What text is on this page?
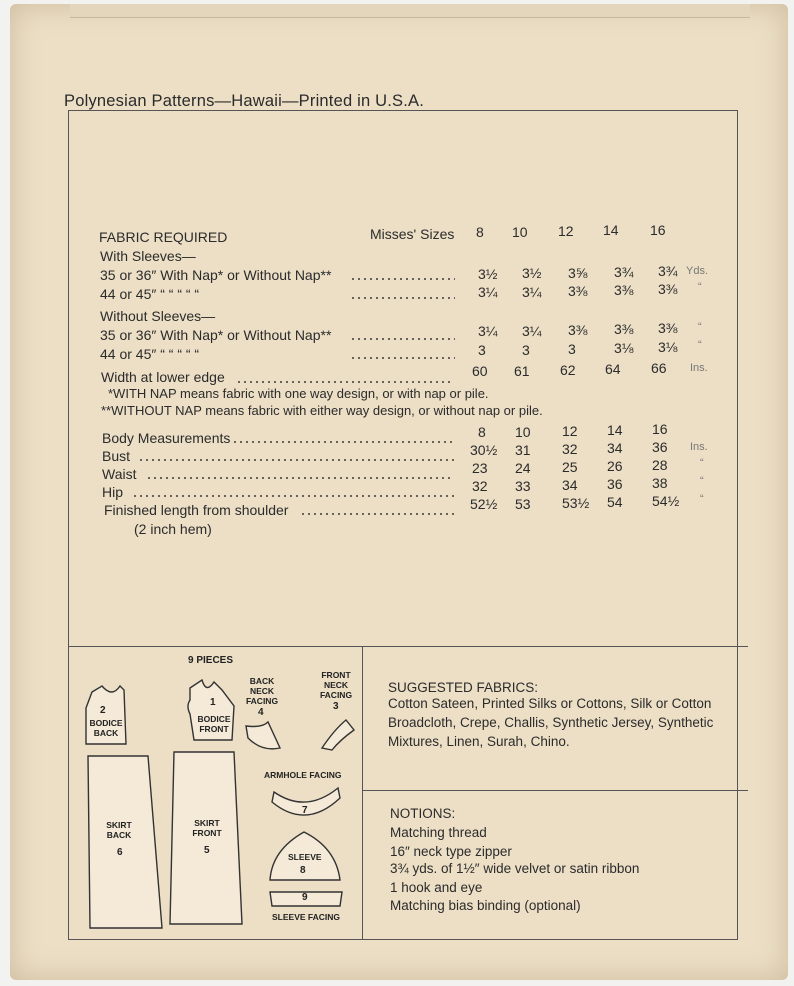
Polynesian Patterns—Hawaii—Printed in U.S.A.
FABRIC REQUIRED	Misses' Sizes 8 10 12 14 16
With Sleeves—
35 or 36″ With Nap* or Without Nap**	3½ 3½ 3⅝ 3¾ 3¾ Yds.
44 or 45″ “ “ “ “ “	3¼ 3¼ 3⅜ 3⅜ 3⅜ “
Without Sleeves—
35 or 36″ With Nap* or Without Nap**	3¼ 3¼ 3⅜ 3⅜ 3⅜ “
44 or 45″ “ “ “ “ “	3	3	3	3⅛ 3⅛ “
Width at lower edge	60 61 62 64 66 Ins.
*WITH NAP means fabric with one way design, or with nap or pile.
**WITHOUT NAP means fabric with either way design, or without nap or pile.
Body Measurements	8 10 12 14 16
Bust	30½ 31 32 34 36 Ins.
Waist	23 24 25 26 28	“
Hip	32 33 34 36 38	“
Finished length from shoulder	52½ 53 53½ 54 54½ “
(2 inch hem)
9 PIECES
2
BODICE BACK
1
BODICE FRONT
BACK NECK FACING
4
FRONT NECK FACING
3
SKIRT BACK
6
SKIRT FRONT
5
ARMHOLE FACING
7
SLEEVE
8
9
SLEEVE FACING
SUGGESTED FABRICS:
Cotton Sateen, Printed Silks or Cottons, Silk or Cotton
Broadcloth, Crepe, Challis, Synthetic Jersey, Synthetic
Mixtures, Linen, Surah, Chino.
NOTIONS:
Matching thread
16″ neck type zipper
3¾ yds. of 1½″ wide velvet or satin ribbon
1 hook and eye
Matching bias binding (optional)
